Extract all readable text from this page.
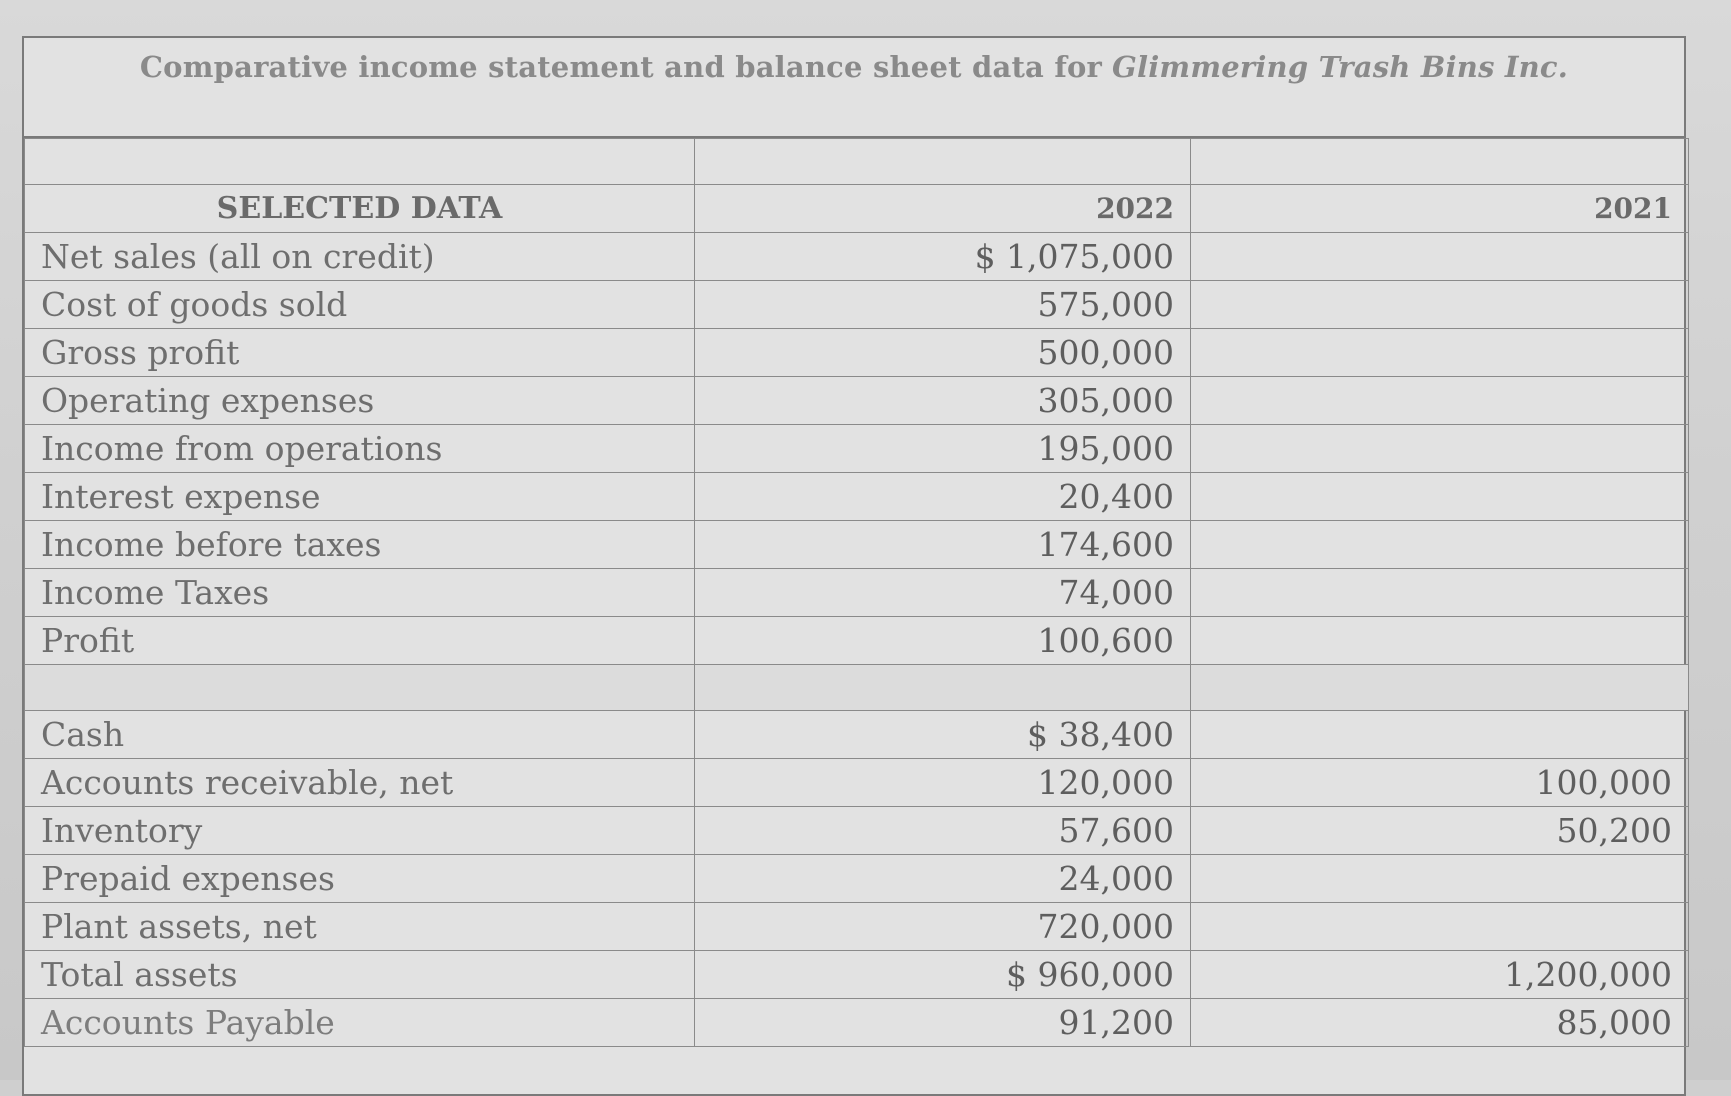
Comparative income statement and balance sheet data for Glimmering Trash Bins Inc.

SELECTED DATA	2022	2021
Net sales (all on credit)	$ 1,075,000	
Cost of goods sold	575,000	
Gross profit	500,000	
Operating expenses	305,000	
Income from operations	195,000	
Interest expense	20,400	
Income before taxes	174,600	
Income Taxes	74,000	
Profit	100,600	

Cash	$ 38,400	
Accounts receivable, net	120,000	100,000
Inventory	57,600	50,200
Prepaid expenses	24,000	
Plant assets, net	720,000	
Total assets	$ 960,000	1,200,000
Accounts Payable	91,200	85,000
